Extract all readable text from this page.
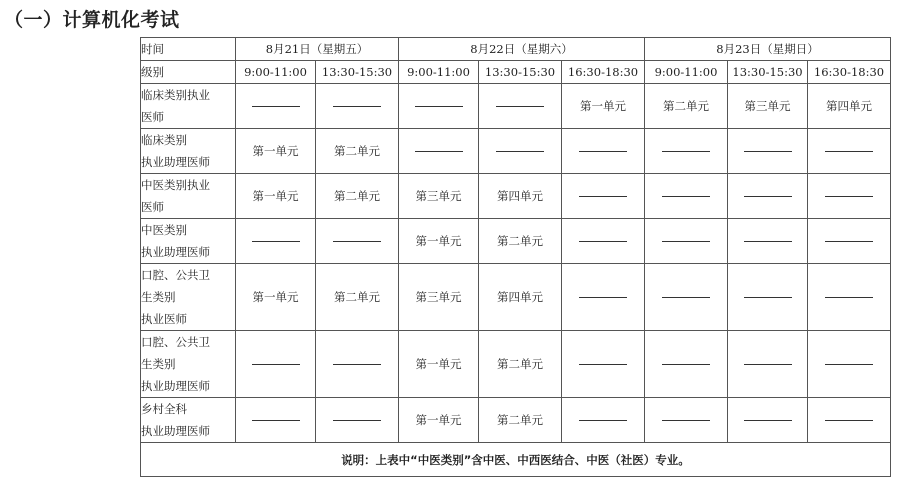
（一）计算机化考试
时间	8月21日（星期五）		8月22日（星期六）			8月23日（星期日）		
级别	9:00-11:00	13:30-15:30	9:00-11:00	13:30-15:30	16:30-18:30	9:00-11:00	13:30-15:30	16:30-18:30

临床类别执业
医师					第一单元	第二单元	第三单元	第四单元

临床类别
执业助理医师	第一单元	第二单元						

中医类别执业
医师	第一单元	第二单元	第三单元	第四单元				

中医类别
执业助理医师			第一单元	第二单元				

口腔、公共卫
生类别
执业医师	第一单元	第二单元	第三单元	第四单元				

口腔、公共卫
生类别
执业助理医师			第一单元	第二单元				

乡村全科
执业助理医师			第一单元	第二单元				
说明：上表中“中医类别”含中医、中西医结合、中医（社医）专业。								
